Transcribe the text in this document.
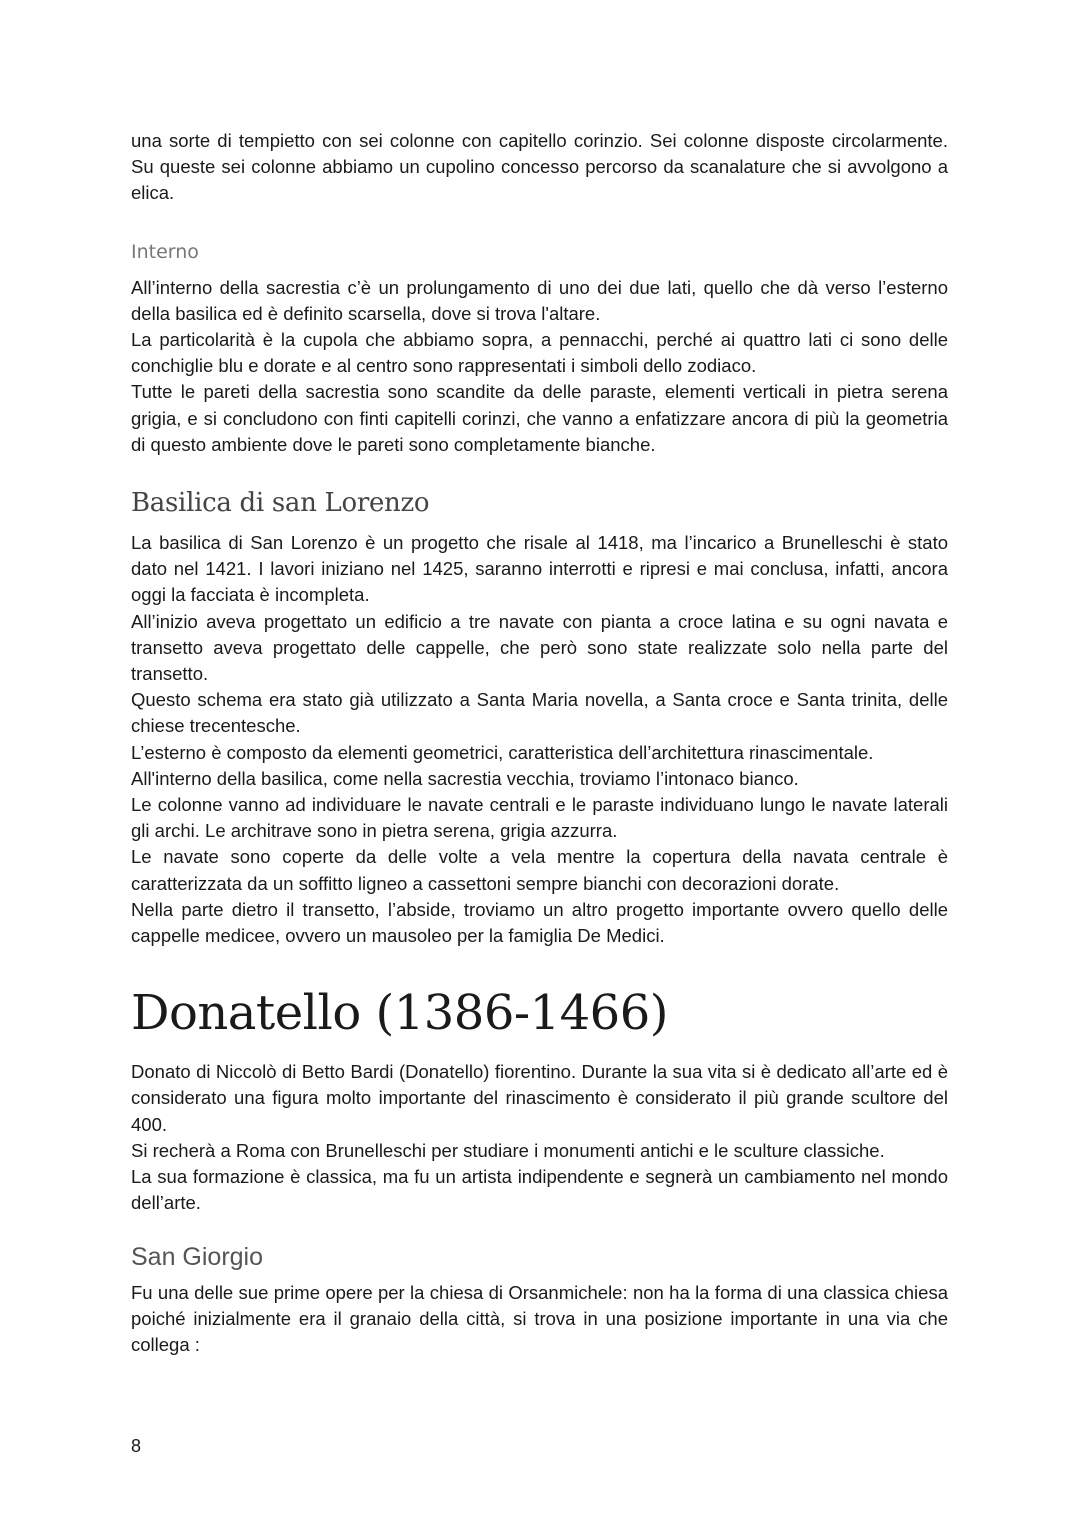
una sorte di tempietto con sei colonne con capitello corinzio. Sei colonne disposte circolarmente. Su queste sei colonne abbiamo un cupolino concesso percorso da scanalature che si avvolgono a elica.

Interno

All’interno della sacrestia c’è un prolungamento di uno dei due lati, quello che dà verso l’esterno della basilica ed è definito scarsella, dove si trova l'altare.

La particolarità è la cupola che abbiamo sopra, a pennacchi, perché ai quattro lati ci sono delle conchiglie blu e dorate e al centro sono rappresentati i simboli dello zodiaco.

Tutte le pareti della sacrestia sono scandite da delle paraste, elementi verticali in pietra serena grigia, e si concludono con finti capitelli corinzi, che vanno a enfatizzare ancora di più la geometria di questo ambiente dove le pareti sono completamente bianche.

Basilica di san Lorenzo

La basilica di San Lorenzo è un progetto che risale al 1418, ma l’incarico a Brunelleschi è stato dato nel 1421. I lavori iniziano nel 1425, saranno interrotti e ripresi e mai conclusa, infatti, ancora oggi la facciata è incompleta.

All’inizio aveva progettato un edificio a tre navate con pianta a croce latina e su ogni navata e transetto aveva progettato delle cappelle, che però sono state realizzate solo nella parte del transetto.

Questo schema era stato già utilizzato a Santa Maria novella, a Santa croce e Santa trinita, delle chiese trecentesche.

L’esterno è composto da elementi geometrici, caratteristica dell’architettura rinascimentale.

All'interno della basilica, come nella sacrestia vecchia, troviamo l’intonaco bianco.

Le colonne vanno ad individuare le navate centrali e le paraste individuano lungo le navate laterali gli archi. Le architrave sono in pietra serena, grigia azzurra.

Le navate sono coperte da delle volte a vela mentre la copertura della navata centrale è caratterizzata da un soffitto ligneo a cassettoni sempre bianchi con decorazioni dorate.

Nella parte dietro il transetto, l’abside, troviamo un altro progetto importante ovvero quello delle cappelle medicee, ovvero un mausoleo per la famiglia De Medici.

Donatello (1386-1466)

Donato di Niccolò di Betto Bardi (Donatello) fiorentino. Durante la sua vita si è dedicato all’arte ed è considerato una figura molto importante del rinascimento è considerato il più grande scultore del 400.

Si recherà a Roma con Brunelleschi per studiare i monumenti antichi e le sculture classiche.

La sua formazione è classica, ma fu un artista indipendente e segnerà un cambiamento nel mondo dell’arte.

San Giorgio

Fu una delle sue prime opere per la chiesa di Orsanmichele: non ha la forma di una classica chiesa poiché inizialmente era il granaio della città, si trova in una posizione importante in una via che collega :

8
